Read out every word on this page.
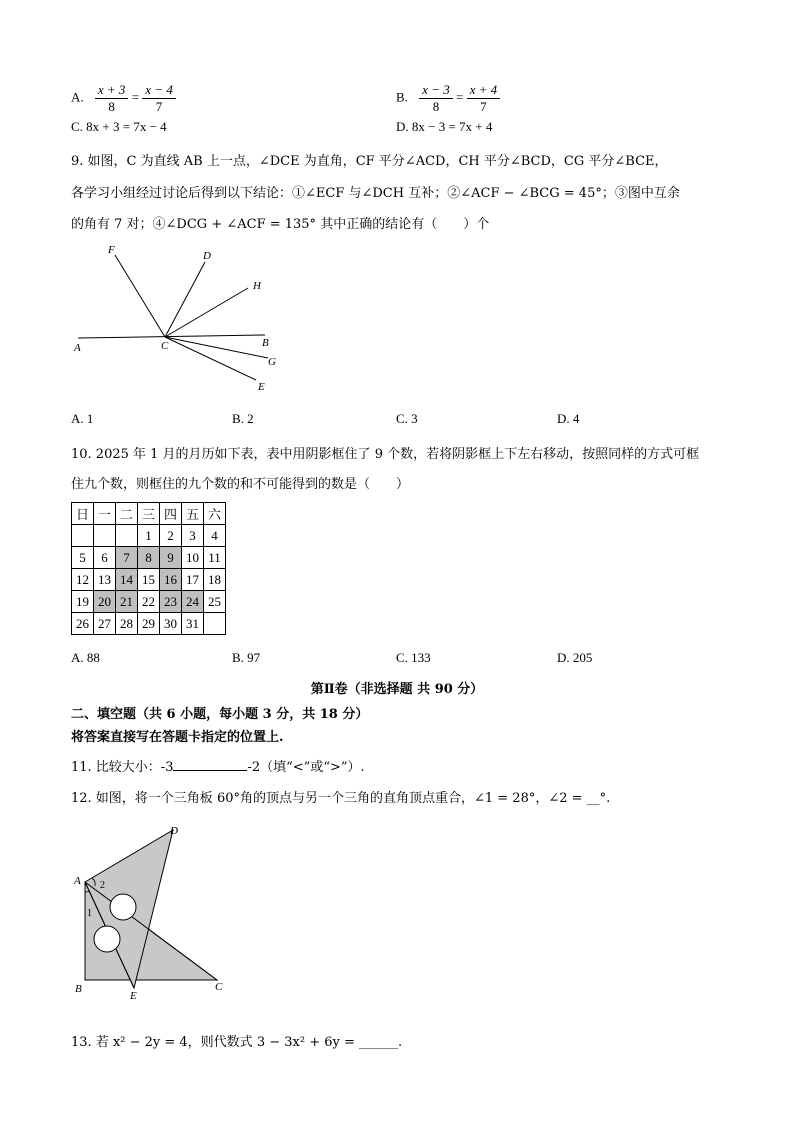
A. $\frac{x + 3}{8} = \frac{x - 4}{7}$	B. $\frac{x - 3}{8} = \frac{x + 4}{7}$
C. 8x + 3 = 7x − 4	D. 8x − 3 = 7x + 4
9. 如图，C 为直线 AB 上一点，∠DCE 为直角，CF 平分∠ACD，CH 平分∠BCD，CG 平分∠BCE，
各学习小组经过讨论后得到以下结论：①∠ECF 与∠DCH 互补；②∠ACF − ∠BCG = 45°；③图中互余
的角有 7 对；④∠DCG + ∠ACF = 135° 其中正确的结论有（　　）个
F	D
H
A	C	B
G
E
A. 1	B. 2	C. 3	D. 4
10. 2025 年 1 月的月历如下表，表中用阴影框住了 9 个数，若将阴影框上下左右移动，按照同样的方式可框
住九个数，则框住的九个数的和不可能得到的数是（　　）
日	一	二	三	四	五	六
			1	2	3	4
5	6	7	8	9	10	11
12	13	14	15	16	17	18
19	20	21	22	23	24	25
26	27	28	29	30	31	
A. 88	B. 97	C. 133	D. 205
第Ⅱ卷（非选择题 共 90 分）
二、填空题（共 6 小题，每小题 3 分，共 18 分）
将答案直接写在答题卡指定的位置上.
11. 比较大小：-3	-2（填“<”或“>”）.
12. 如图，将一个三角板 60°角的顶点与另一个三角的直角顶点重合，∠1 = 28°，∠2 = __°.
A
D
B
E
C
2
1
13. 若 x² − 2y = 4，则代数式 3 − 3x² + 6y = ______.
